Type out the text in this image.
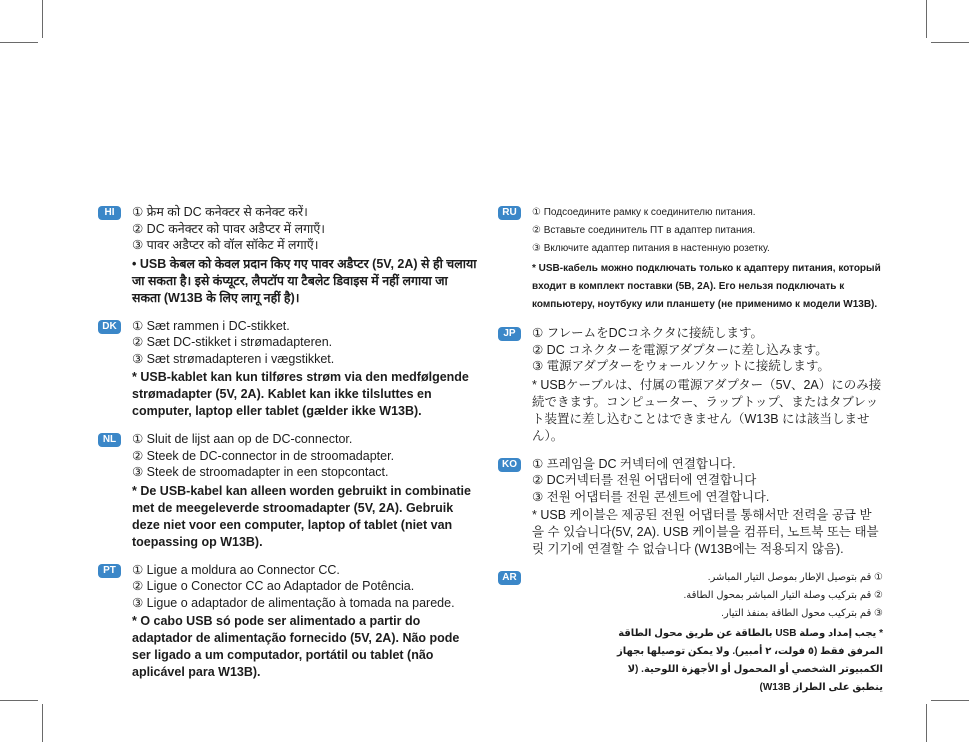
HI	① फ्रेम को DC कनेक्टर से कनेक्ट करें।
② DC कनेक्टर को पावर अडैप्टर में लगाएँ।
③ पावर अडैप्टर को वॉल सॉकेट में लगाएँ।
• USB केबल को केवल प्रदान किए गए पावर अडैप्टर (5V, 2A) से ही चलाया जा सकता है। इसे कंप्यूटर, लैपटॉप या टैबलेट डिवाइस में नहीं लगाया जा सकता (W13B के लिए लागू नहीं है)।
DK	① Sæt rammen i DC-stikket.
② Sæt DC-stikket i strømadapteren.
③ Sæt strømadapteren i vægstikket.
* USB-kablet kan kun tilføres strøm via den medfølgende strømadapter (5V, 2A). Kablet kan ikke tilsluttes en computer, laptop eller tablet (gælder ikke W13B).
NL	① Sluit de lijst aan op de DC-connector.
② Steek de DC-connector in de stroomadapter.
③ Steek de stroomadapter in een stopcontact.
* De USB-kabel kan alleen worden gebruikt in combinatie met de meegeleverde stroomadapter (5V, 2A). Gebruik deze niet voor een computer, laptop of tablet (niet van toepassing op W13B).
PT	① Ligue a moldura ao Connector CC.
② Ligue o Conector CC ao Adaptador de Potência.
③ Ligue o adaptador de alimentação à tomada na parede.
* O cabo USB só pode ser alimentado a partir do adaptador de alimentação fornecido (5V, 2A). Não pode ser ligado a um computador, portátil ou tablet (não aplicável para W13B).
RU	① Подсоедините рамку к соединителю питания.
② Вставьте соединитель ПТ в адаптер питания.
③ Включите адаптер питания в настенную розетку.
* USB-кабель можно подключать только к адаптеру питания, который входит в комплект поставки (5В, 2А). Его нельзя подключать к компьютеру, ноутбуку или планшету (не применимо к модели W13B).
JP	① フレームをDCコネクタに接続します。
② DC コネクターを電源アダプターに差し込みます。
③ 電源アダプターをウォールソケットに接続します。
* USBケーブルは、付属の電源アダプター（5V、2A）にのみ接続できます。コンピューター、ラップトップ、またはタブレット装置に差し込むことはできません（W13B には該当しません）。
KO	① 프레임을 DC 커넥터에 연결합니다.
② DC커넥터를 전원 어댑터에 연결합니다
③ 전원 어댑터를 전원 콘센트에 연결합니다.
* USB 케이블은 제공된 전원 어댑터를 통해서만 전력을 공급 받을 수 있습니다(5V, 2A). USB 케이블을 컴퓨터, 노트북 또는 태블릿 기기에 연결할 수 없습니다 (W13B에는 적용되지 않음).
AR	① قم بتوصيل الإطار بموصل التيار المباشر.
② قم بتركيب وصلة التيار المباشر بمحول الطاقة.
③ قم بتركيب محول الطاقة بمنفذ التيار.
* يجب إمداد وصلة USB بالطاقة عن طريق محول الطاقة المرفق فقط (٥ فولت، ٢ أمبير). ولا يمكن توصيلها بجهاز الكمبيوتر الشخصي أو المحمول أو الأجهزة اللوحية. (لا ينطبق على الطراز W13B)
